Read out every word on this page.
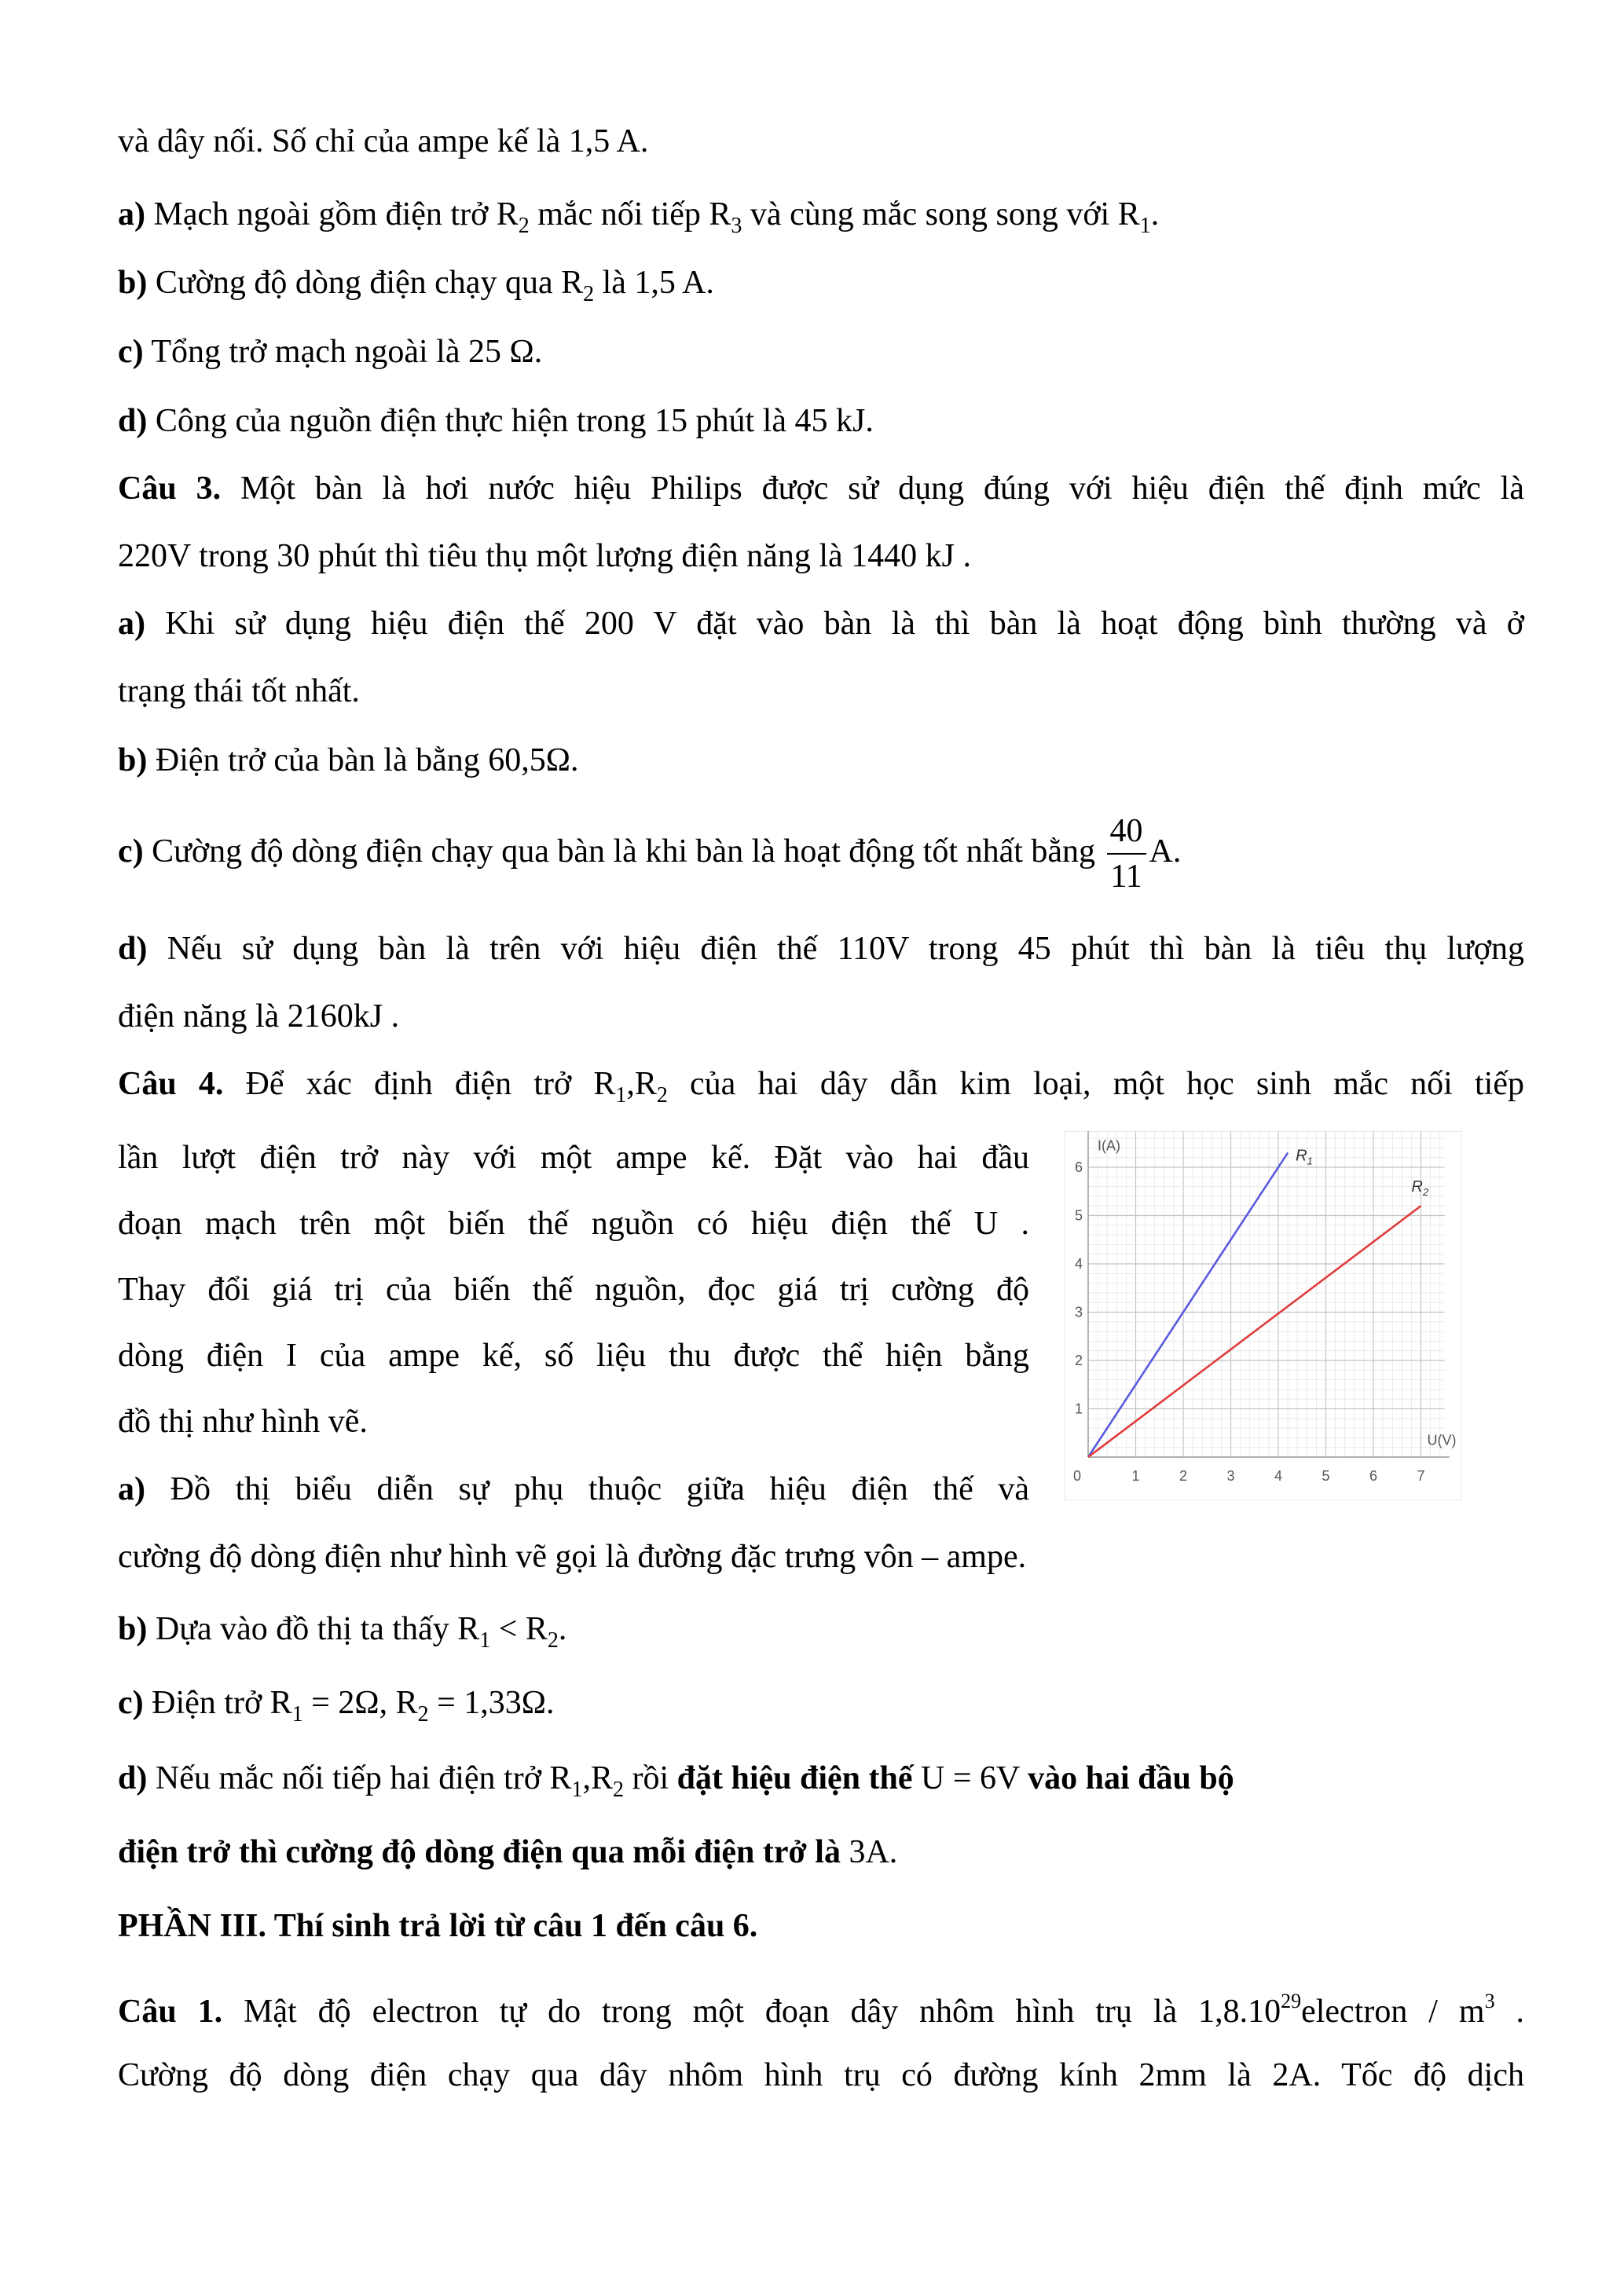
và dây nối. Số chỉ của ampe kế là 1,5 A.
a) Mạch ngoài gồm điện trở $R_2$ mắc nối tiếp $R_3$ và cùng mắc song song với $R_1$.
b) Cường độ dòng điện chạy qua $R_2$ là 1,5 A.
c) Tổng trở mạch ngoài là 25 Ω.
d) Công của nguồn điện thực hiện trong 15 phút là 45 kJ.
Câu 3. Một bàn là hơi nước hiệu Philips được sử dụng đúng với hiệu điện thế định mức là
220V trong 30 phút thì tiêu thụ một lượng điện năng là 1440 kJ .
a) Khi sử dụng hiệu điện thế 200 V đặt vào bàn là thì bàn là hoạt động bình thường và ở
trạng thái tốt nhất.
b) Điện trở của bàn là bằng 60,5Ω.
c) Cường độ dòng điện chạy qua bàn là khi bàn là hoạt động tốt nhất bằng $\frac{40}{11} A$.
d) Nếu sử dụng bàn là trên với hiệu điện thế 110V trong 45 phút thì bàn là tiêu thụ lượng
điện năng là 2160kJ .
Câu 4. Để xác định điện trở $R_1,R_2$ của hai dây dẫn kim loại, một học sinh mắc nối tiếp
lần lượt điện trở này với một ampe kế. Đặt vào hai đầu
đoạn mạch trên một biến thế nguồn có hiệu điện thế U .
Thay đổi giá trị của biến thế nguồn, đọc giá trị cường độ
dòng điện I của ampe kế, số liệu thu được thể hiện bằng
đồ thị như hình vẽ.
a) Đồ thị biểu diễn sự phụ thuộc giữa hiệu điện thế và
cường độ dòng điện như hình vẽ gọi là đường đặc trưng vôn – ampe.
b) Dựa vào đồ thị ta thấy $R_1 < R_2$.
c) Điện trở $R_1 = 2\Omega$, $R_2 = 1,33\Omega$.
d) Nếu mắc nối tiếp hai điện trở $R_1,R_2$ rồi đặt hiệu điện thế U = 6V vào hai đầu bộ
điện trở thì cường độ dòng điện qua mỗi điện trở là 3A.
PHẦN III. Thí sinh trả lời từ câu 1 đến câu 6.
Câu 1. Mật độ electron tự do trong một đoạn dây nhôm hình trụ là 1,8.10$^{29}$electron / $m^3$ .
Cường độ dòng điện chạy qua dây nhôm hình trụ có đường kính 2mm là 2A. Tốc độ dịch
0	1	2	3	4	5	6	7
1
2
3
4
5
6
I(A)
U(V)
$R_1$
$R_2$
